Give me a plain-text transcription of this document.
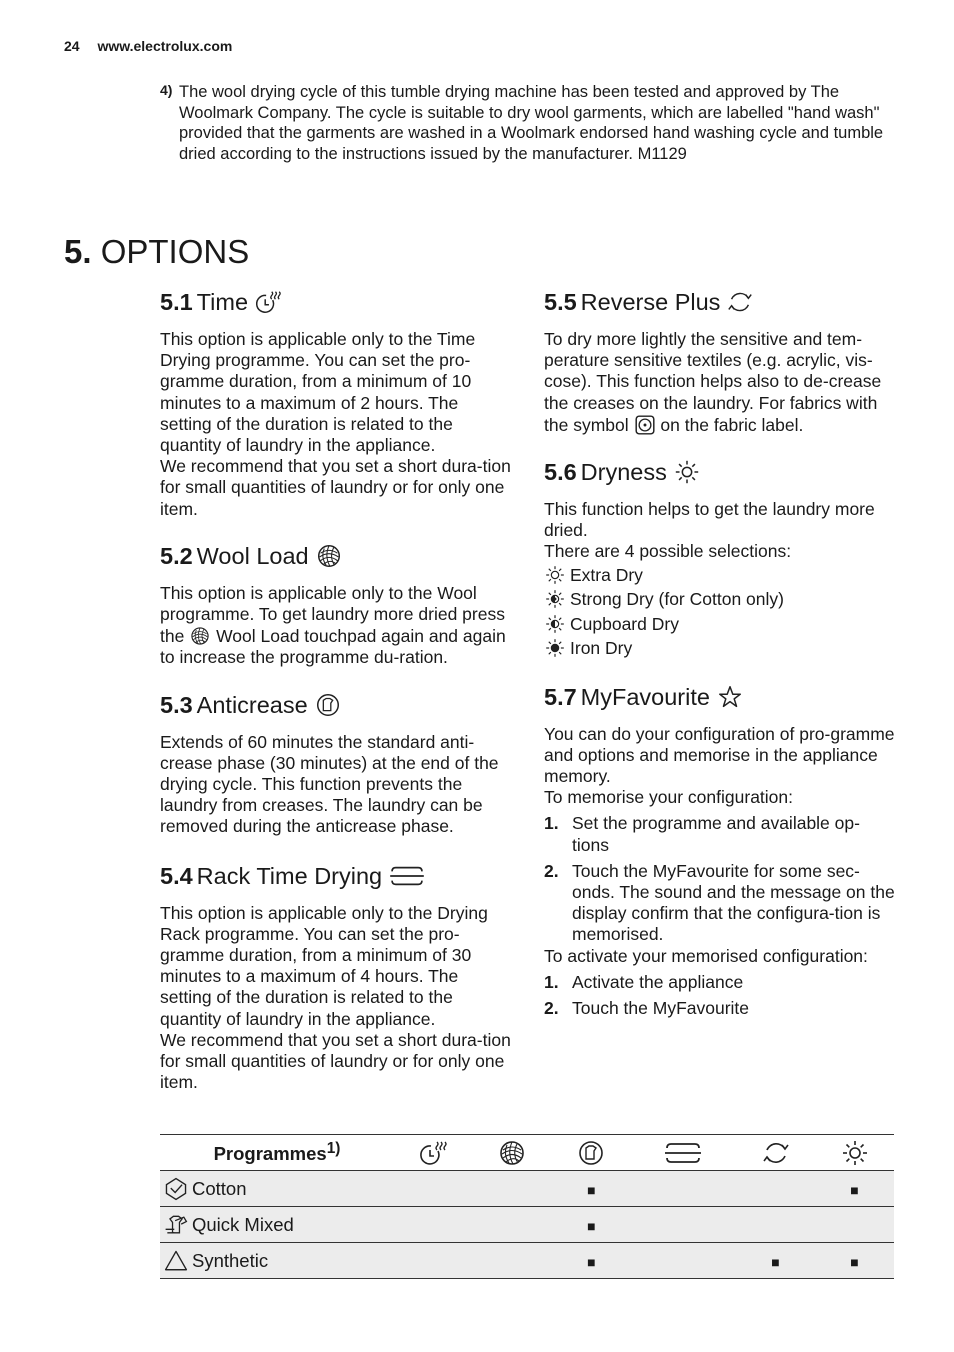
24 www.electrolux.com
4) The wool drying cycle of this tumble drying machine has been tested and approved by The Woolmark Company. The cycle is suitable to dry wool garments, which are labelled "hand wash" provided that the garments are washed in a Woolmark endorsed hand washing cycle and tumble dried according to the instructions issued by the manufacturer. M1129

5. OPTIONS
5.1 Time

This option is applicable only to the Time Drying programme. You can set the pro-gramme duration, from a minimum of 10 minutes to a maximum of 2 hours. The setting of the duration is related to the quantity of laundry in the appliance.

We recommend that you set a short dura-tion for small quantities of laundry or for only one item.

5.2 Wool Load

This option is applicable only to the Wool programme. To get laundry more dried press the Wool Load touchpad again and again to increase the programme du-ration.

5.3 Anticrease

Extends of 60 minutes the standard anti-crease phase (30 minutes) at the end of the drying cycle. This function prevents the laundry from creases. The laundry can be removed during the anticrease phase.

5.4 Rack Time Drying

This option is applicable only to the Drying Rack programme. You can set the pro-gramme duration, from a minimum of 30 minutes to a maximum of 4 hours. The setting of the duration is related to the quantity of laundry in the appliance.

We recommend that you set a short dura-tion for small quantities of laundry or for only one item.

5.5 Reverse Plus

To dry more lightly the sensitive and tem-perature sensitive textiles (e.g. acrylic, vis-cose). This function helps also to de-crease the creases on the laundry. For fabrics with the symbol on the fabric label.

5.6 Dryness

This function helps to get the laundry more dried.

There are 4 possible selections:

Extra Dry
Strong Dry (for Cotton only)
Cupboard Dry
Iron Dry
5.7 MyFavourite

You can do your configuration of pro-gramme and options and memorise in the appliance memory.

To memorise your configuration:

1. Set the programme and available op-tions
2. Touch the MyFavourite for some sec-onds. The sound and the message on the display confirm that the configura-tion is memorised.

To activate your memorised configuration:

1. Activate the appliance
2. Touch the MyFavourite
Programmes$^{1)}$						

Cotton			■			■

Quick Mixed			■			

Synthetic			■		■	■
